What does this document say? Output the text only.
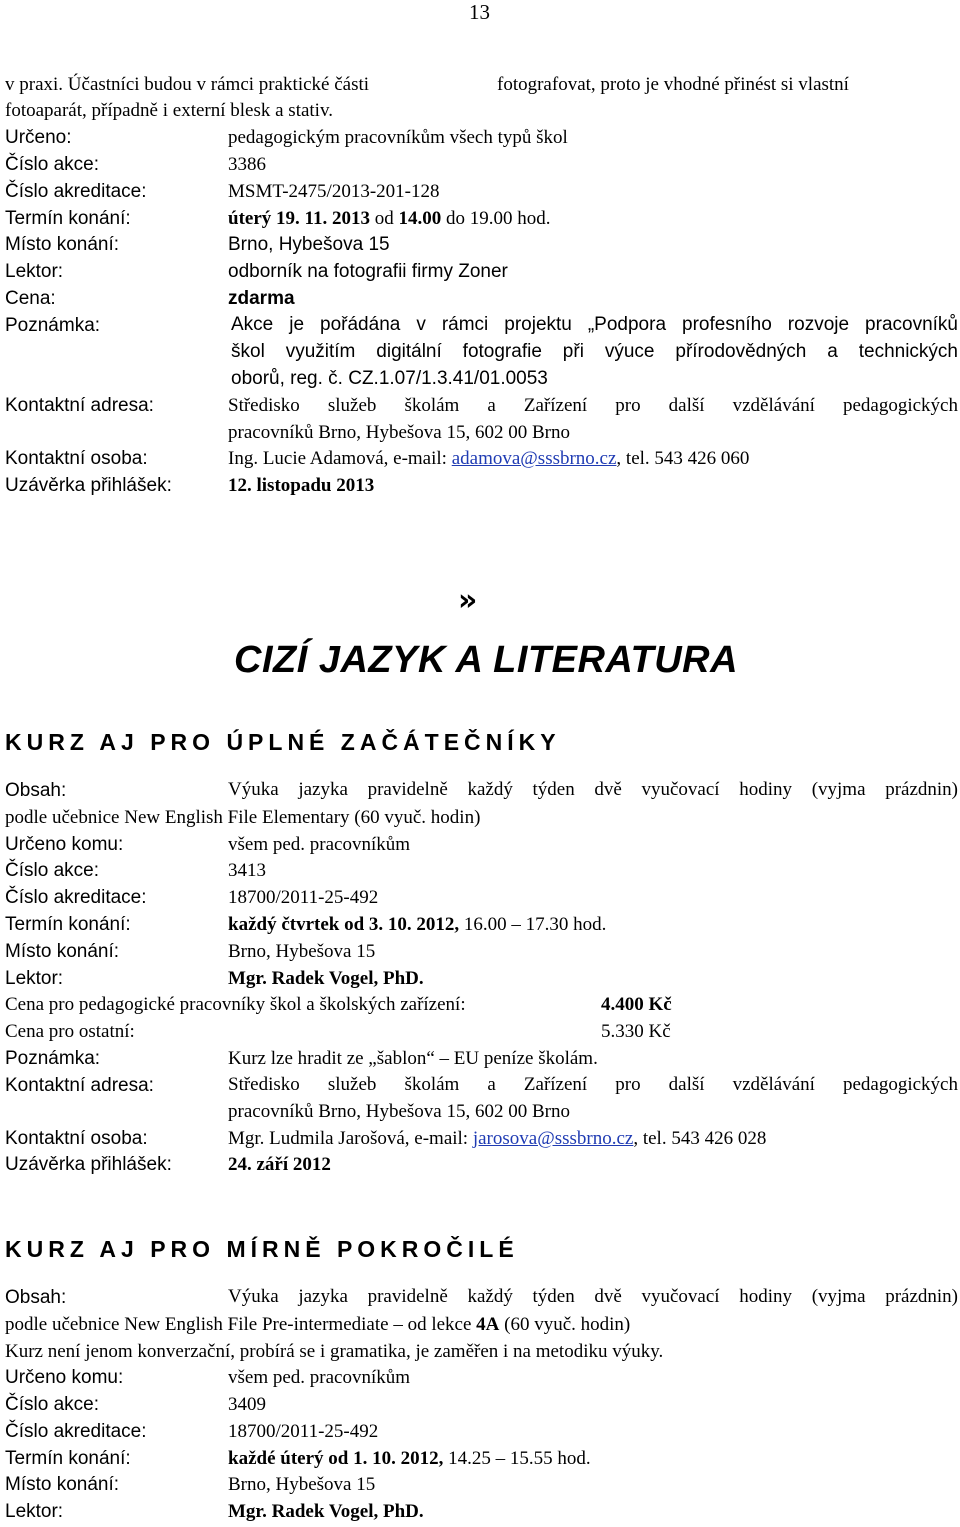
13
v praxi. Účastníci budou v rámci praktické části	fotografovat, proto je vhodné přinést si vlastní
fotoaparát, případně i externí blesk a stativ.
Určeno:	pedagogickým pracovníkům všech typů škol
Číslo akce:	3386
Číslo akreditace:	MSMT-2475/2013-201-128
Termín konání:	úterý 19. 11. 2013 od 14.00 do 19.00 hod.
Místo konání:	Brno, Hybešova 15
Lektor:	odborník na fotografii firmy Zoner
Cena:	zdarma
Poznámka:	Akce je pořádána v rámci projektu „Podpora profesního rozvoje pracovníků
škol využitím digitální fotografie při výuce přírodovědných a technických
oborů, reg. č. CZ.1.07/1.3.41/01.0053
Kontaktní adresa:	Středisko služeb školám a Zařízení pro další vzdělávání pedagogických
pracovníků Brno, Hybešova 15, 602 00 Brno
Kontaktní osoba:	Ing. Lucie Adamová, e-mail: adamova@sssbrno.cz, tel. 543 426 060
Uzávěrka přihlášek:	12. listopadu 2013
»
CIZÍ JAZYK A LITERATURA
KURZ AJ PRO ÚPLNÉ ZAČÁTEČNÍKY
Obsah:	Výuka jazyka pravidelně každý týden dvě vyučovací hodiny (vyjma prázdnin)
podle učebnice New English File Elementary (60 vyuč. hodin)
Určeno komu:	všem ped. pracovníkům
Číslo akce:	3413
Číslo akreditace:	18700/2011-25-492
Termín konání:	každý čtvrtek od 3. 10. 2012, 16.00 – 17.30 hod.
Místo konání:	Brno, Hybešova 15
Lektor:	Mgr. Radek Vogel, PhD.
Cena pro pedagogické pracovníky škol a školských zařízení:	4.400 Kč
Cena pro ostatní:	5.330 Kč
Poznámka:	Kurz lze hradit ze „šablon“ – EU peníze školám.
Kontaktní adresa:	Středisko služeb školám a Zařízení pro další vzdělávání pedagogických
pracovníků Brno, Hybešova 15, 602 00 Brno
Kontaktní osoba:	Mgr. Ludmila Jarošová, e-mail: jarosova@sssbrno.cz, tel. 543 426 028
Uzávěrka přihlášek:	24. září 2012
KURZ AJ PRO MÍRNĚ POKROČILÉ
Obsah:	Výuka jazyka pravidelně každý týden dvě vyučovací hodiny (vyjma prázdnin)
podle učebnice New English File Pre-intermediate – od lekce 4A (60 vyuč. hodin)
Kurz není jenom konverzační, probírá se i gramatika, je zaměřen i na metodiku výuky.
Určeno komu:	všem ped. pracovníkům
Číslo akce:	3409
Číslo akreditace:	18700/2011-25-492
Termín konání:	každé úterý od 1. 10. 2012, 14.25 – 15.55 hod.
Místo konání:	Brno, Hybešova 15
Lektor:	Mgr. Radek Vogel, PhD.
